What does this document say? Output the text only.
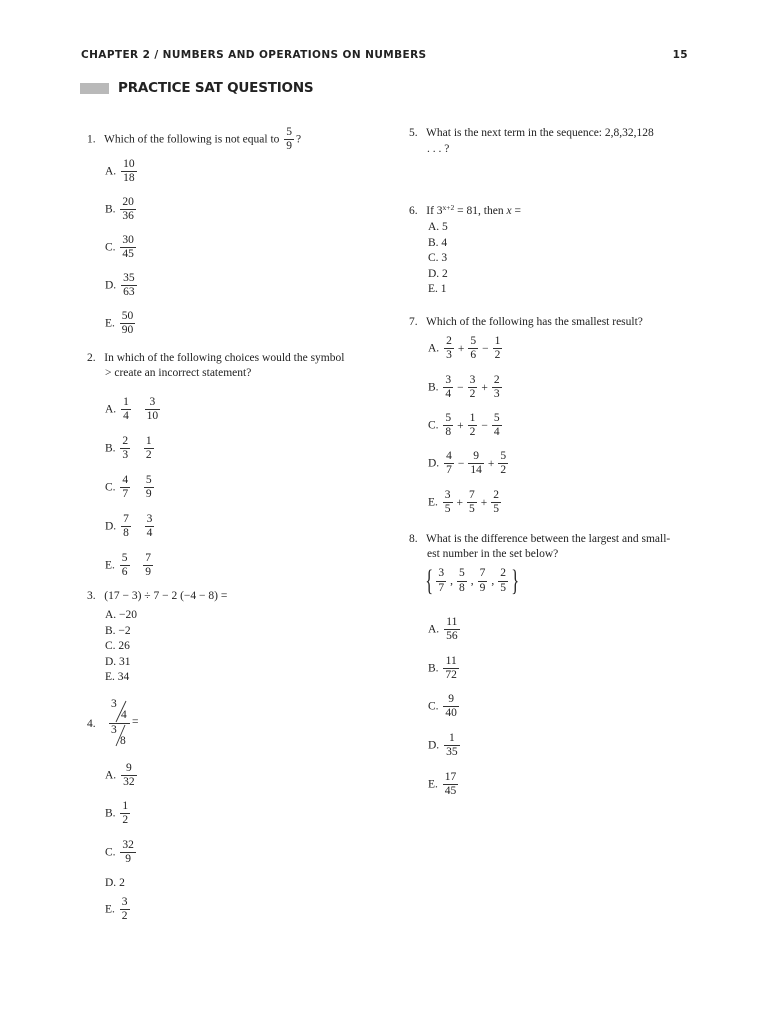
CHAPTER 2 / NUMBERS AND OPERATIONS ON NUMBERS	15
PRACTICE SAT QUESTIONS
1. Which of the following is not equal to $\frac{5}{9}$ ?
A. $\frac{10}{18}$
B. $\frac{20}{36}$
C. $\frac{30}{45}$
D. $\frac{35}{63}$
E. $\frac{50}{90}$
2. In which of the following choices would the symbol
> create an incorrect statement?
A. $\frac{1}{4}$
$\frac{3}{10}$
B. $\frac{2}{3}$
$\frac{1}{2}$
C. $\frac{4}{7}$
$\frac{5}{9}$
D. $\frac{7}{8}$
$\frac{3}{4}$
E. $\frac{5}{6}$
$\frac{7}{9}$
3. (17 − 3) ÷ 7 − 2 (−4 − 8) =
A. −20
B. −2
C. 26
D. 31
E. 34
4.
3
4
3
8
=
A. $\frac{9}{32}$
B. $\frac{1}{2}$
C. $\frac{32}{9}$
D. 2
E. $\frac{3}{2}$
5. What is the next term in the sequence: 2,8,32,128
. . . ?
6. If $3^{x+2} = 81$, then x =
A. 5
B. 4
C. 3
D. 2
E. 1
7. Which of the following has the smallest result?
A. $\frac{2}{3} + \frac{5}{6} - \frac{1}{2}$
B. $\frac{3}{4} - \frac{3}{2} + \frac{2}{3}$
C. $\frac{5}{8} + \frac{1}{2} - \frac{5}{4}$
D. $\frac{4}{7} - \frac{9}{14} + \frac{5}{2}$
E. $\frac{3}{5} + \frac{7}{5} + \frac{2}{5}$
8. What is the difference between the largest and small-
est number in the set below?
{ $\frac{3}{7}$ , $\frac{5}{8}$ , $\frac{7}{9}$ , $\frac{2}{5}$ }
A. $\frac{11}{56}$
B. $\frac{11}{72}$
C. $\frac{9}{40}$
D. $\frac{1}{35}$
E. $\frac{17}{45}$
